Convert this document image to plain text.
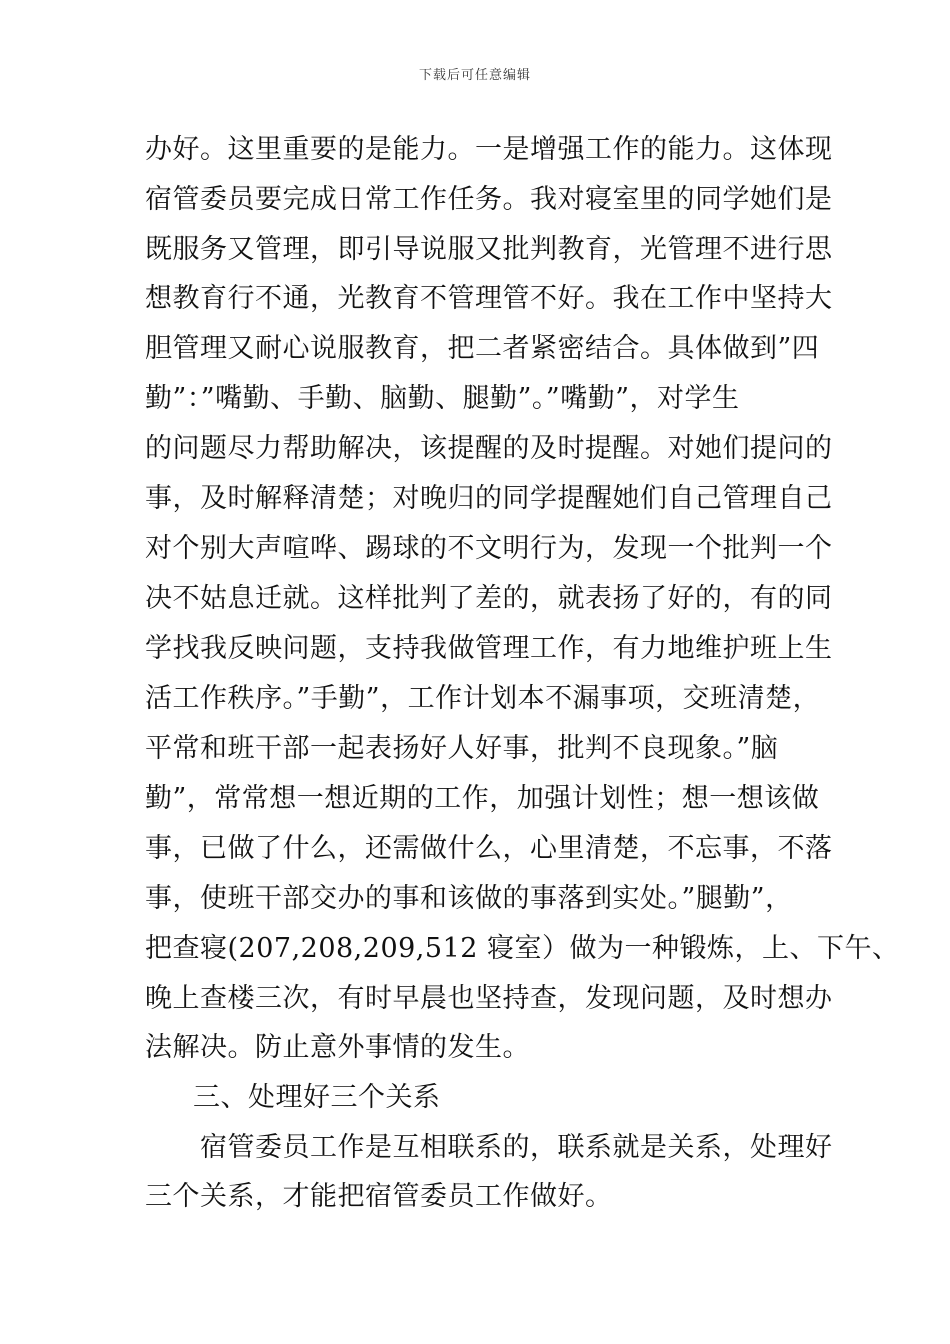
下载后可任意编辑
办好。这里重要的是能力。一是增强工作的能力。这体现
宿管委员要完成日常工作任务。我对寝室里的同学她们是
既服务又管理，即引导说服又批判教育，光管理不进行思
想教育行不通，光教育不管理管不好。我在工作中坚持大
胆管理又耐心说服教育，把二者紧密结合。具体做到”四
勤”：”嘴勤、手勤、脑勤、腿勤”。”嘴勤”，对学生
的问题尽力帮助解决，该提醒的及时提醒。对她们提问的
事，及时解释清楚；对晚归的同学提醒她们自己管理自己
对个别大声喧哗、踢球的不文明行为，发现一个批判一个
决不姑息迁就。这样批判了差的，就表扬了好的，有的同
学找我反映问题，支持我做管理工作，有力地维护班上生
活工作秩序。”手勤”，工作计划本不漏事项，交班清楚，
平常和班干部一起表扬好人好事，批判不良现象。”脑
勤”，常常想一想近期的工作，加强计划性；想一想该做
事，已做了什么，还需做什么，心里清楚，不忘事，不落
事，使班干部交办的事和该做的事落到实处。”腿勤”，
把查寝(207,208,209,512 寝室）做为一种锻炼，上、下午、
晚上查楼三次，有时早晨也坚持查，发现问题，及时想办
法解决。防止意外事情的发生。
三、处理好三个关系
宿管委员工作是互相联系的，联系就是关系，处理好
三个关系，才能把宿管委员工作做好。
